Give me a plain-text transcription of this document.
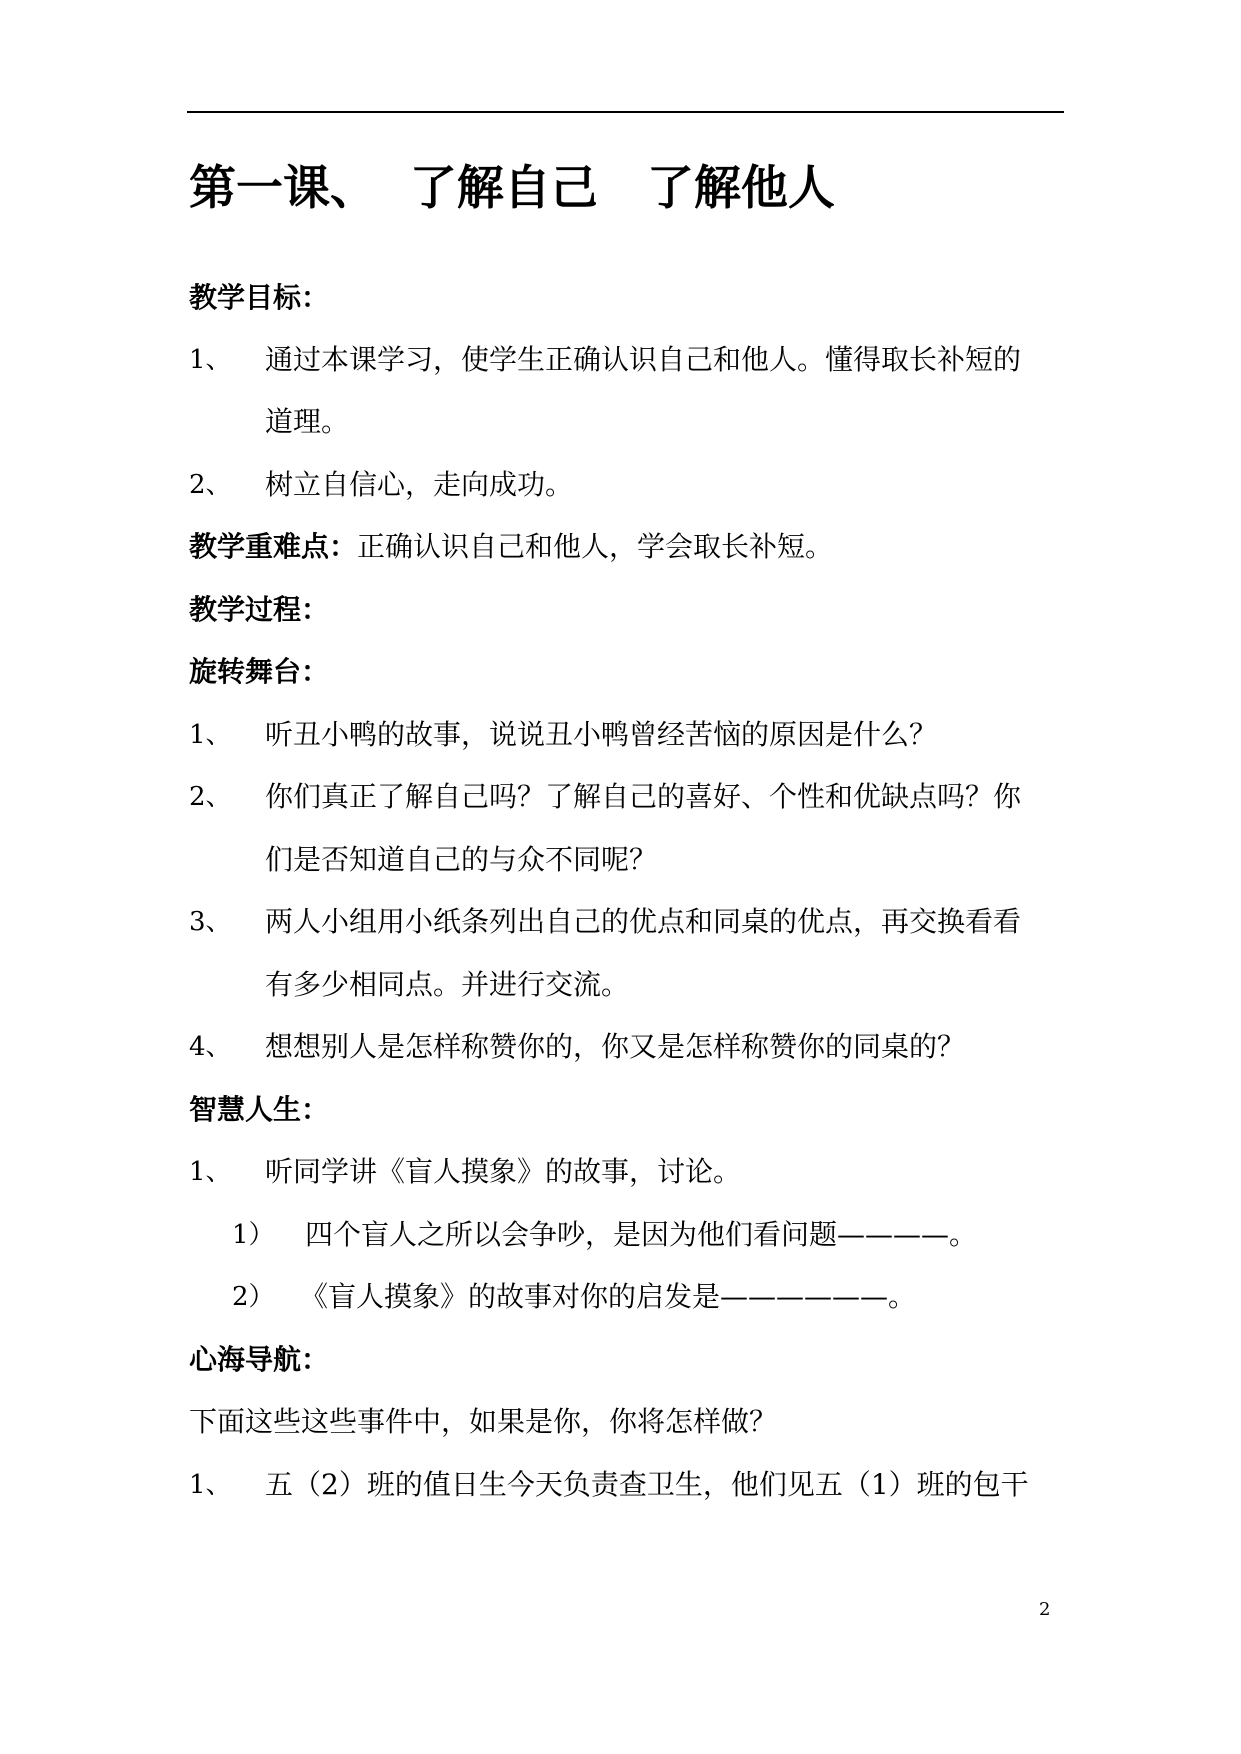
第一课、  了解自己   了解他人
教学目标：
1、 通过本课学习，使学生正确认识自己和他人。懂得取长补短的
道理。
2、 树立自信心，走向成功。
教学重难点：正确认识自己和他人，学会取长补短。
教学过程：
旋转舞台：
1、 听丑小鸭的故事，说说丑小鸭曾经苦恼的原因是什么？
2、 你们真正了解自己吗？了解自己的喜好、个性和优缺点吗？你
们是否知道自己的与众不同呢？
3、 两人小组用小纸条列出自己的优点和同桌的优点，再交换看看
有多少相同点。并进行交流。
4、 想想别人是怎样称赞你的，你又是怎样称赞你的同桌的？
智慧人生：
1、 听同学讲《盲人摸象》的故事，讨论。
1） 四个盲人之所以会争吵，是因为他们看问题————。
2） 《盲人摸象》的故事对你的启发是——————。
心海导航：
下面这些这些事件中，如果是你，你将怎样做？
1、 五（2）班的值日生今天负责查卫生，他们见五（1）班的包干
2
